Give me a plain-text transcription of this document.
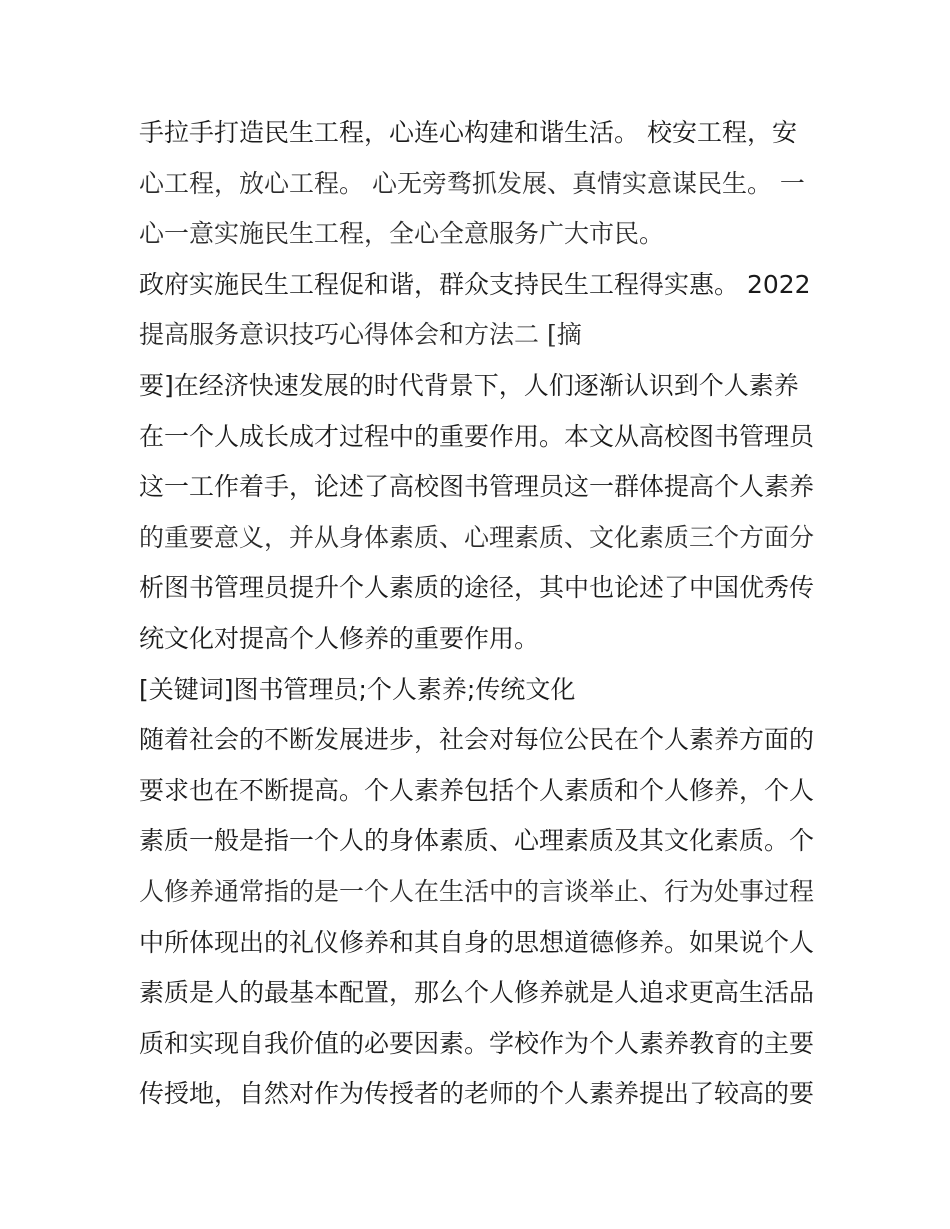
手拉手打造民生工程，心连心构建和谐生活。 校安工程，安
心工程，放心工程。 心无旁骛抓发展、真情实意谋民生。 一
心一意实施民生工程，全心全意服务广大市民。
政府实施民生工程促和谐，群众支持民生工程得实惠。 2022
提高服务意识技巧心得体会和方法二 [摘
要]在经济快速发展的时代背景下，人们逐渐认识到个人素养
在一个人成长成才过程中的重要作用。本文从高校图书管理员
这一工作着手，论述了高校图书管理员这一群体提高个人素养
的重要意义，并从身体素质、心理素质、文化素质三个方面分
析图书管理员提升个人素质的途径，其中也论述了中国优秀传
统文化对提高个人修养的重要作用。
[关键词]图书管理员;个人素养;传统文化
随着社会的不断发展进步，社会对每位公民在个人素养方面的
要求也在不断提高。个人素养包括个人素质和个人修养，个人
素质一般是指一个人的身体素质、心理素质及其文化素质。个
人修养通常指的是一个人在生活中的言谈举止、行为处事过程
中所体现出的礼仪修养和其自身的思想道德修养。如果说个人
素质是人的最基本配置，那么个人修养就是人追求更高生活品
质和实现自我价值的必要因素。学校作为个人素养教育的主要
传授地，自然对作为传授者的老师的个人素养提出了较高的要
